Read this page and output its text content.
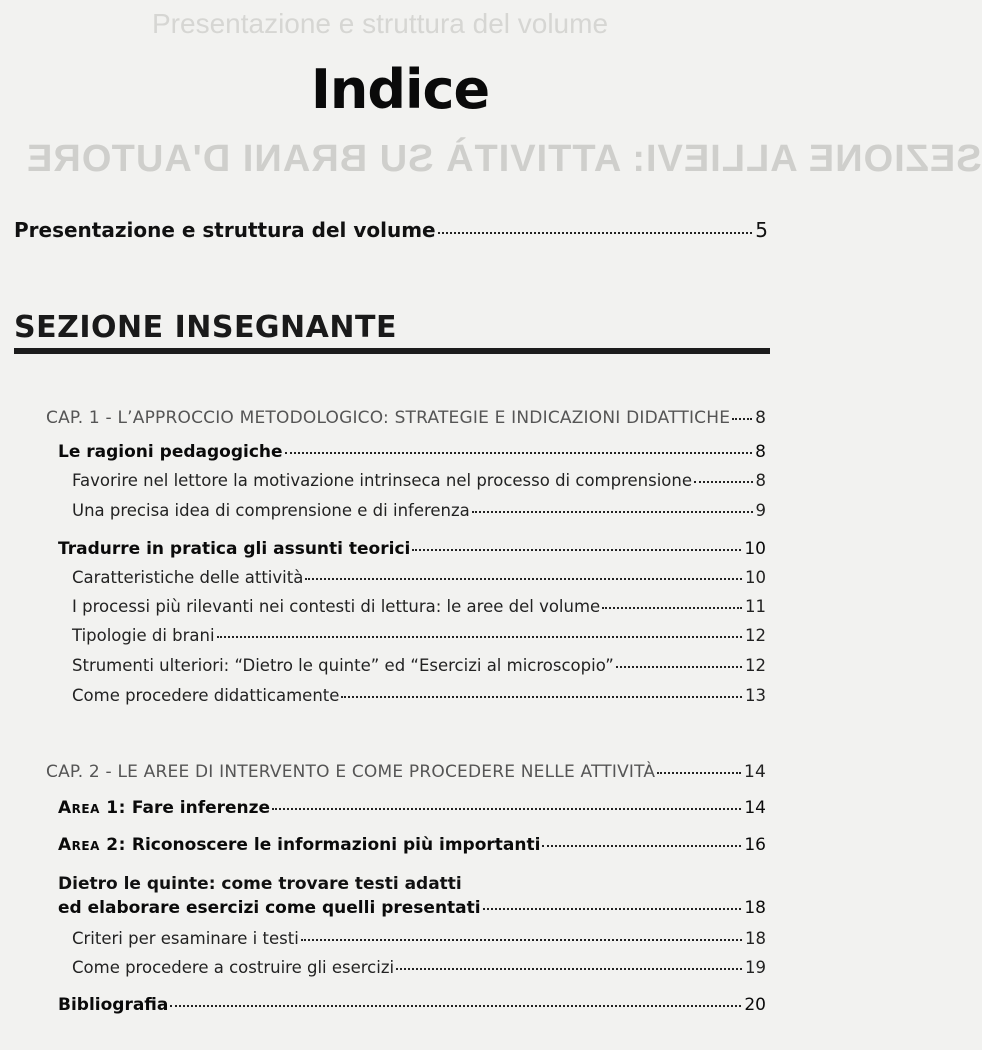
Presentazione e struttura del volume
SEZIONE ALLIEVI: ATTIVITÀ SU BRANI D'AUTORE
Indice
Presentazione e struttura del volume	5
SEZIONE INSEGNANTE
CAP. 1 - L’APPROCCIO METODOLOGICO: STRATEGIE E INDICAZIONI DIDATTICHE 8
Le ragioni pedagogiche	8
Favorire nel lettore la motivazione intrinseca nel processo di comprensione	8
Una precisa idea di comprensione e di inferenza	9
Tradurre in pratica gli assunti teorici	10
Caratteristiche delle attività	10
I processi più rilevanti nei contesti di lettura: le aree del volume	11
Tipologie di brani	12
Strumenti ulteriori: “Dietro le quinte” ed “Esercizi al microscopio”	12
Come procedere didatticamente	13
CAP. 2 - LE AREE DI INTERVENTO E COME PROCEDERE NELLE ATTIVITÀ	14
Area 1: Fare inferenze	14
Area 2: Riconoscere le informazioni più importanti	16
Dietro le quinte: come trovare testi adatti
ed elaborare esercizi come quelli presentati	18
Criteri per esaminare i testi	18
Come procedere a costruire gli esercizi	19
Bibliografia	20
